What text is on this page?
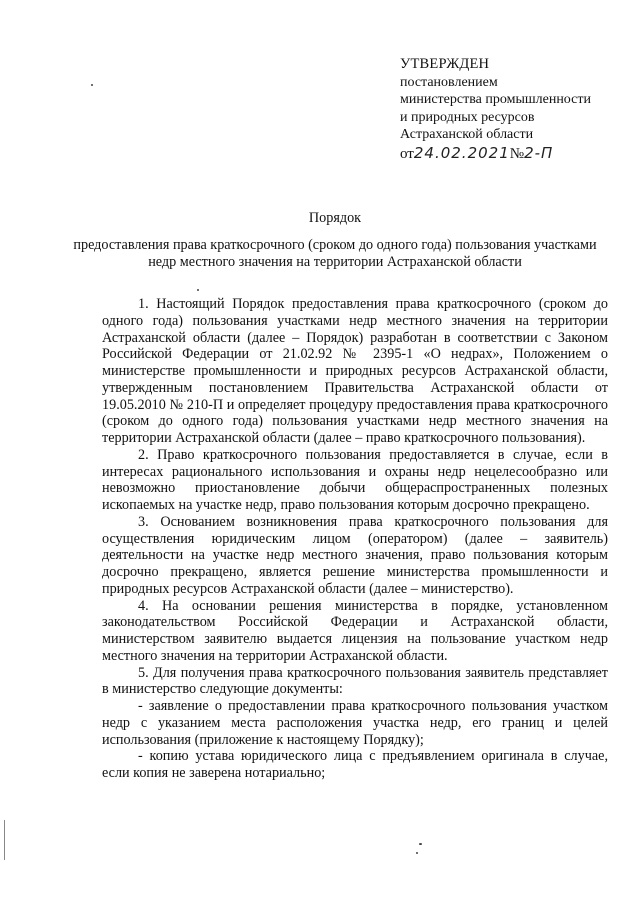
УТВЕРЖДЕН
постановлением
министерства промышленности
и природных ресурсов
Астраханской области
от24.02.2021№2-П
Порядок
предоставления права краткосрочного (сроком до одного года) пользования участками недр местного значения на территории Астраханской области

1. Настоящий Порядок предоставления права краткосрочного (сроком до одного года) пользования участками недр местного значения на территории Астраханской области (далее – Порядок) разработан в соответствии с Законом Российской Федерации от 21.02.92 № 2395-1 «О недрах», Положением о министерстве промышленности и природных ресурсов Астраханской области, утвержденным постановлением Правительства Астраханской области от 19.05.2010 № 210-П и определяет процедуру предоставления права краткосрочного (сроком до одного года) пользования участками недр местного значения на территории Астраханской области (далее – право краткосрочного пользования).

2. Право краткосрочного пользования предоставляется в случае, если в интересах рационального использования и охраны недр нецелесообразно или невозможно приостановление добычи общераспространенных полезных ископаемых на участке недр, право пользования которым досрочно прекращено.

3. Основанием возникновения права краткосрочного пользования для осуществления юридическим лицом (оператором) (далее – заявитель) деятельности на участке недр местного значения, право пользования которым досрочно прекращено, является решение министерства промышленности и природных ресурсов Астраханской области (далее – министерство).

4. На основании решения министерства в порядке, установленном законодательством Российской Федерации и Астраханской области, министерством заявителю выдается лицензия на пользование участком недр местного значения на территории Астраханской области.

5. Для получения права краткосрочного пользования заявитель представляет в министерство следующие документы:

- заявление о предоставлении права краткосрочного пользования участком недр с указанием места расположения участка недр, его границ и целей использования (приложение к настоящему Порядку);

- копию устава юридического лица с предъявлением оригинала в случае, если копия не заверена нотариально;
